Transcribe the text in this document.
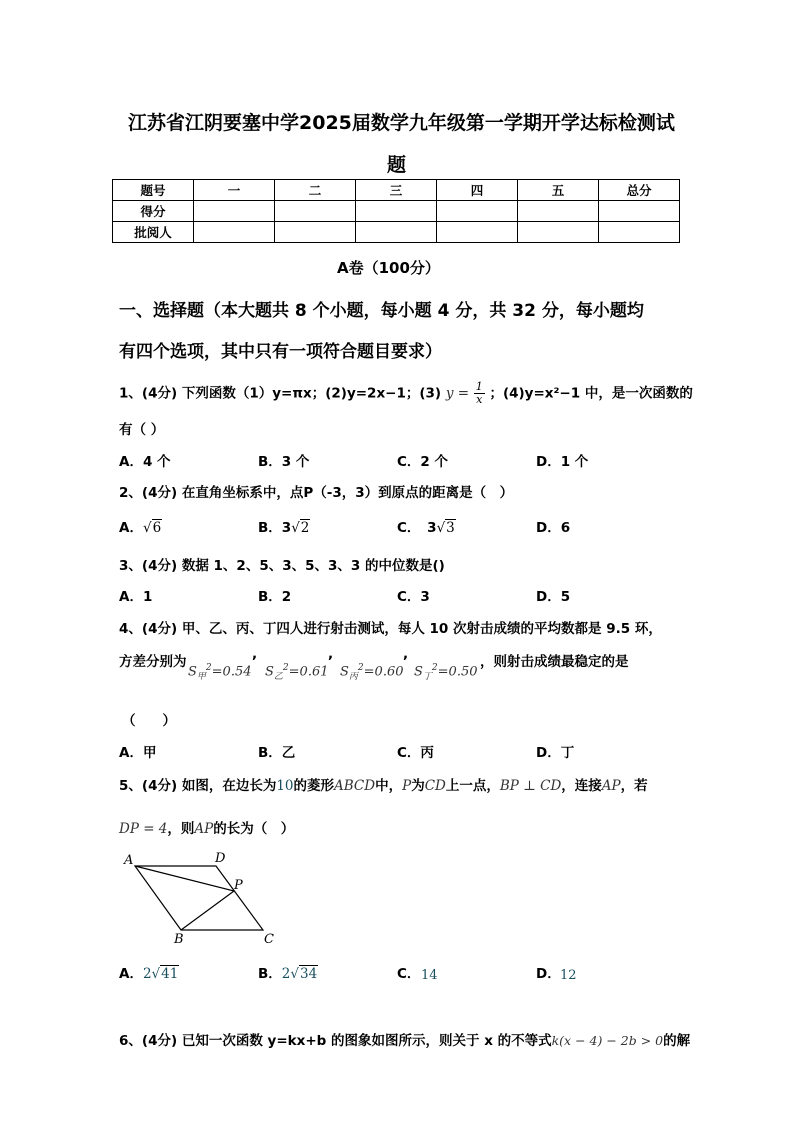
江苏省江阴要塞中学2025届数学九年级第一学期开学达标检测试
题
题号	一	二	三	四	五	总分
得分						
批阅人						
A卷（100分）
一、选择题（本大题共 8 个小题，每小题 4 分，共 32 分，每小题均
有四个选项，其中只有一项符合题目要求）
1、(4分) 下列函数（1）y=πx；(2)y=2x−1；(3) $y = \frac{1}{x}$ ；(4)y=x²−1 中，是一次函数的
有（ ）
A．4 个	B．3 个	C．2 个	D．1 个
2、(4分) 在直角坐标系中，点P（-3，3）到原点的距离是（　）
A．√6	B．3√2	C．　3√3	D．6
3、(4分) 数据 1、2、5、3、5、3、3 的中位数是()
A．1	B．2	C．3	D．5
4、(4分) 甲、乙、丙、丁四人进行射击测试，每人 10 次射击成绩的平均数都是 9.5 环，
方差分别为	,	,	,
$S_甲^2=0.54$ $S_乙^2=0.61$ $S_丙^2=0.60$ $S_丁^2=0.50$
，则射击成绩最稳定的是
（　　）
A．甲	B．乙	C．丙	D．丁
5、(4分) 如图，在边长为10的菱形ABCD中，P为CD上一点，BP ⊥ CD，连接AP，若
DP = 4，则AP的长为（　）
A	D
P
B	C
A．2√41	B．2√34	C． 14	D． 12
6、(4分) 已知一次函数 y=kx+b 的图象如图所示，则关于 x 的不等式k(x − 4) − 2b > 0的解
